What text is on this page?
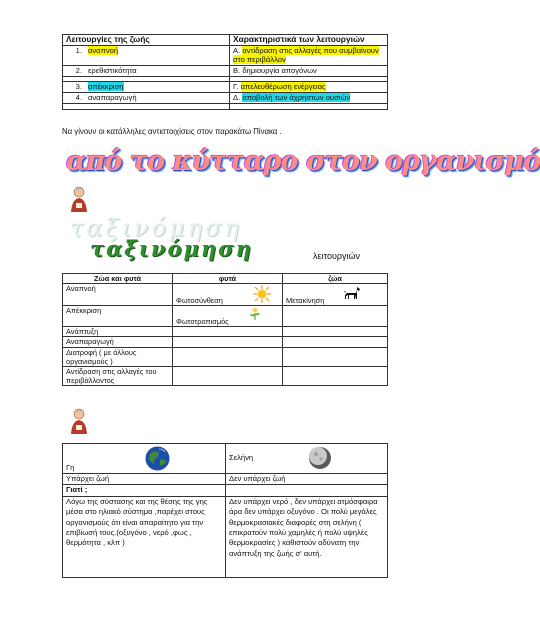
Λειτουργίες της ζωής	Χαρακτηριστικά των λειτουργιών
1. αναπνοή	Α. αντίδραση στις αλλαγές που συμβαίνουν στο περιβάλλον
2. ερεθιστικότητα	Β. δημιουργία απογόνων

3. απέκκριση	Γ. απελευθέρωση ενέργειας
4. αναπαραγωγή	Δ. αποβολή των άχρηστων ουσιών

Να γίνουν οι κατάλληλες αντιστοιχίσεις στον παρακάτω Πίνακα .
από το κύτταρο στον οργανισμό
ταξινόμηση
ταξινόμηση	λειτουργιών
Ζώα και φυτά	φυτά	ζώα
Αναπνοή	Φωτοσύνθεση	Μετακίνηση

Απέκκριση	Φωτοτροπισμός

Ανάπτυξη		
Αναπαραγωγή		
Διατροφή ( με άλλους οργανισμούς )		
Αντίδραση στις αλλαγές του περιβάλλοντος		
Γη	Σελήνη

Υπάρχει ζωή	Δεν υπάρχει ζωή
Γιατί ;	
Λόγω της σύστασης και της θέσης της γης μέσα στο ηλιακό σύστημα ,παρέχει στους οργανισμούς ότι είναι απαραίτητο για την επιβίωσή τους.(οξυγόνο , νερό ,φως , θερμότητα , κλπ )	Δεν υπάρχει νερό , δεν υπάρχει ατμόσφαιρα άρα δεν υπάρχει οξυγόνο . Οι πολύ μεγάλες θερμοκρασιακές διαφορές στη σελήνη ( επικρατούν πολύ χαμηλές ή πολύ υψηλές θερμοκρασίες ) καθιστούν αδύνατη την ανάπτυξη της ζωής σ' αυτή.
